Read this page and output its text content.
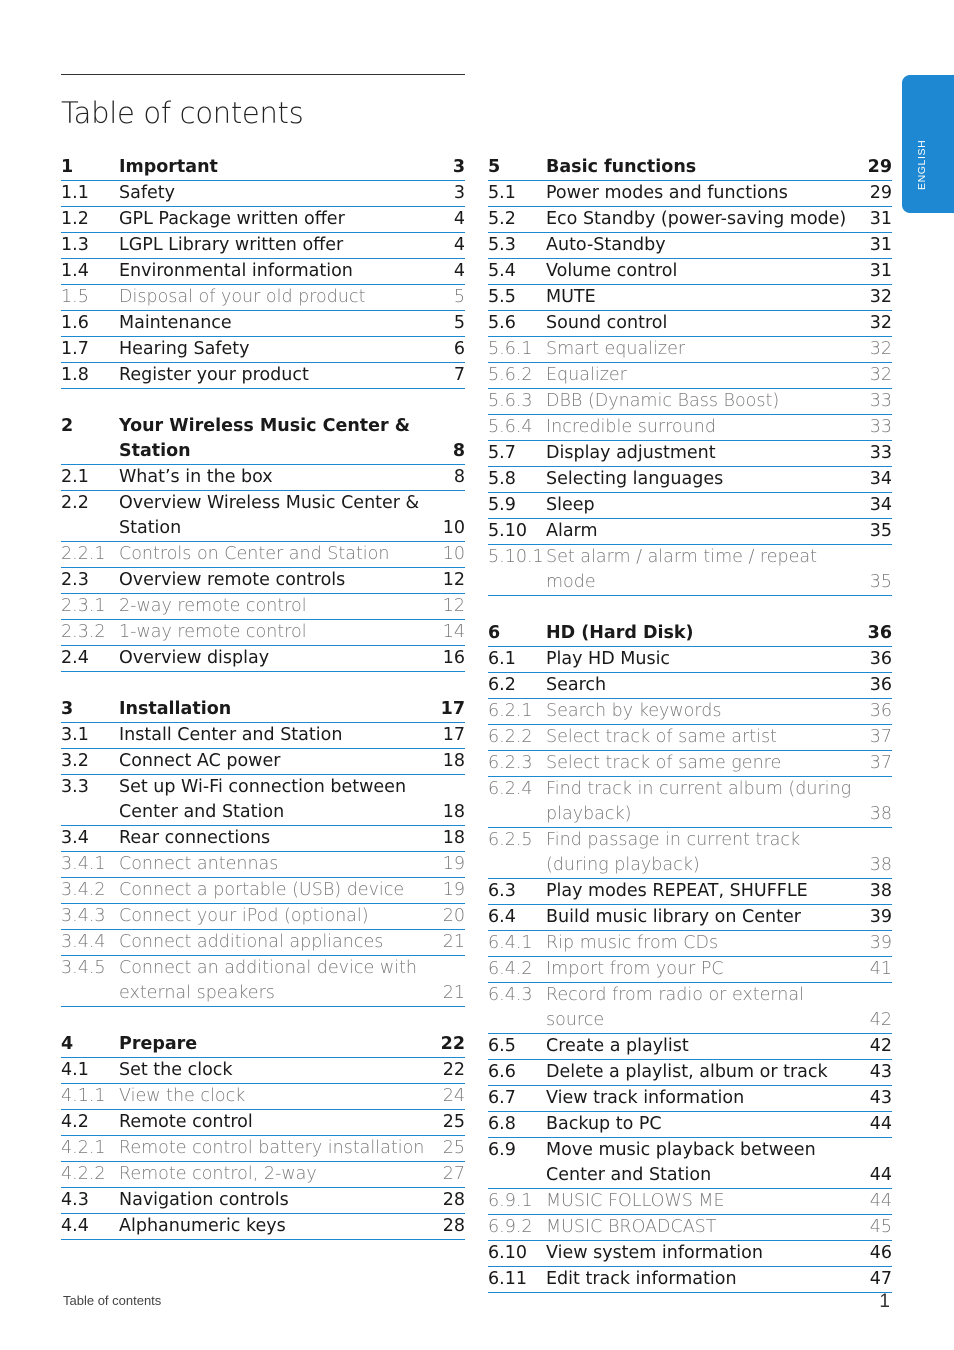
Table of contents
ENGLISH
1	Important	3
1.1 Safety	3
1.2 GPL Package written offer	4
1.3 LGPL Library written offer	4
1.4 Environmental information	4
1.5 Disposal of your old product	5
1.6 Maintenance	5
1.7 Hearing Safety	6
1.8 Register your product	7
2	Your Wireless Music Center & Station	8
2.1 What’s in the box	8
2.2 Overview Wireless Music Center & Station	10
2.2.1 Controls on Center and Station	10
2.3 Overview remote controls	12
2.3.1 2-way remote control	12
2.3.2 1-way remote control	14
2.4 Overview display	16
3	Installation	17
3.1 Install Center and Station	17
3.2 Connect AC power	18
3.3 Set up Wi-Fi connection between Center and Station	18
3.4 Rear connections	18
3.4.1 Connect antennas	19
3.4.2 Connect a portable (USB) device	19
3.4.3 Connect your iPod (optional)	20
3.4.4 Connect additional appliances	21
3.4.5 Connect an additional device with external speakers	21
4	Prepare	22
4.1 Set the clock	22
4.1.1 View the clock	24
4.2 Remote control	25
4.2.1 Remote control battery installation	25
4.2.2 Remote control, 2-way	27
4.3 Navigation controls	28
4.4 Alphanumeric keys	28
5	Basic functions	29
5.1 Power modes and functions	29
5.2 Eco Standby (power-saving mode)	31
5.3 Auto-Standby	31
5.4 Volume control	31
5.5 MUTE	32
5.6 Sound control	32
5.6.1 Smart equalizer	32
5.6.2 Equalizer	32
5.6.3 DBB (Dynamic Bass Boost)	33
5.6.4 Incredible surround	33
5.7 Display adjustment	33
5.8 Selecting languages	34
5.9 Sleep	34
5.10 Alarm	35
5.10.1 Set alarm / alarm time / repeat mode	35
6	HD (Hard Disk)	36
6.1 Play HD Music	36
6.2 Search	36
6.2.1 Search by keywords	36
6.2.2 Select track of same artist	37
6.2.3 Select track of same genre	37
6.2.4 Find track in current album (during playback)	38
6.2.5 Find passage in current track (during playback)	38
6.3 Play modes REPEAT, SHUFFLE	38
6.4 Build music library on Center	39
6.4.1 Rip music from CDs	39
6.4.2 Import from your PC	41
6.4.3 Record from radio or external source	42
6.5 Create a playlist	42
6.6 Delete a playlist, album or track	43
6.7 View track information	43
6.8 Backup to PC	44
6.9 Move music playback between Center and Station	44
6.9.1 MUSIC FOLLOWS ME	44
6.9.2 MUSIC BROADCAST	45
6.10 View system information	46
6.11 Edit track information	47
Table of contents	1
